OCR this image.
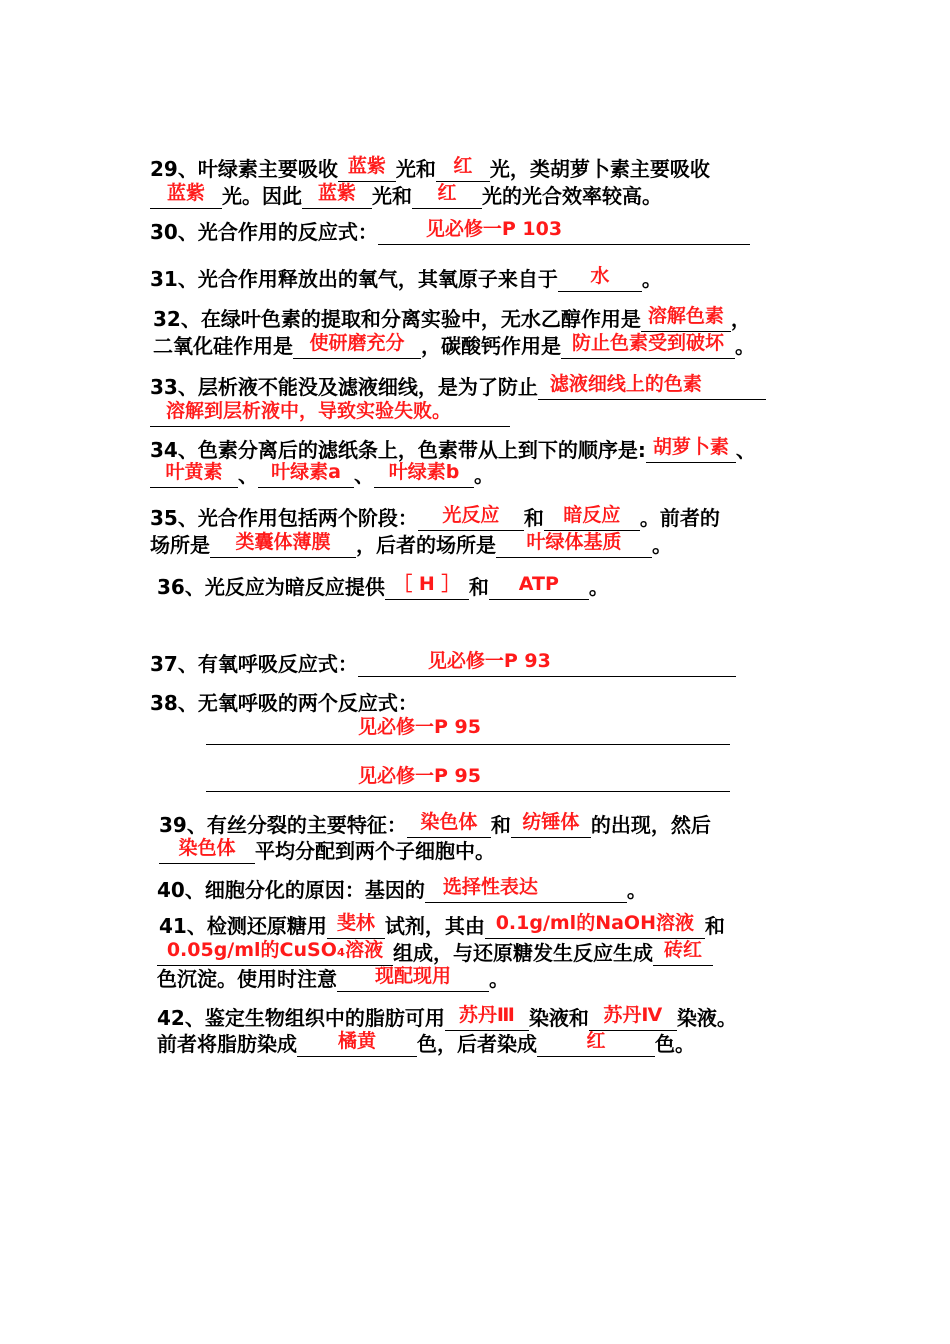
29、叶绿素主要吸收 蓝紫 光和 红 光，类胡萝卜素主要吸收
蓝紫 光。因此 蓝紫 光和	红	光的光合效率较高。
30、光合作用的反应式：	见必修一P 103
31、光合作用释放出的氧气，其氧原子来自于	水	。
32、在绿叶色素的提取和分离实验中，无水乙醇作用是 溶解色素 ，
二氧化硅作用是 使研磨充分 ，碳酸钙作用是 防止色素受到破坏 。
33、层析液不能没及滤液细线，是为了防止 滤液细线上的色素
溶解到层析液中，导致实验失败。
34、色素分离后的滤纸条上，色素带从上到下的顺序是: 胡萝卜素 、
叶黄素 、 叶绿素a 、 叶绿素b 。
35、光合作用包括两个阶段：	光反应	和	暗反应 。前者的
场所是	类囊体薄膜	，后者的场所是	叶绿体基质	。
36、光反应为暗反应提供 ［ H ］ 和	ATP	。
37、有氧呼吸反应式：	见必修一P 93
38、无氧呼吸的两个反应式：
见必修一P 95
见必修一P 95
39、有丝分裂的主要特征： 染色体 和 纺锤体 的出现，然后
染色体 平均分配到两个子细胞中。
40、细胞分化的原因：基因的 选择性表达	。
41、检测还原糖用 斐林 试剂，其由 0.1g/ml的NaOH溶液 和
0.05g/ml的CuSO₄溶液 组成，与还原糖发生反应生成 砖红
色沉淀。使用时注意	现配现用	。
42、鉴定生物组织中的脂肪可用 苏丹Ⅲ 染液和 苏丹Ⅳ 染液。
前者将脂肪染成	橘黄	色，后者染成	红	色。
